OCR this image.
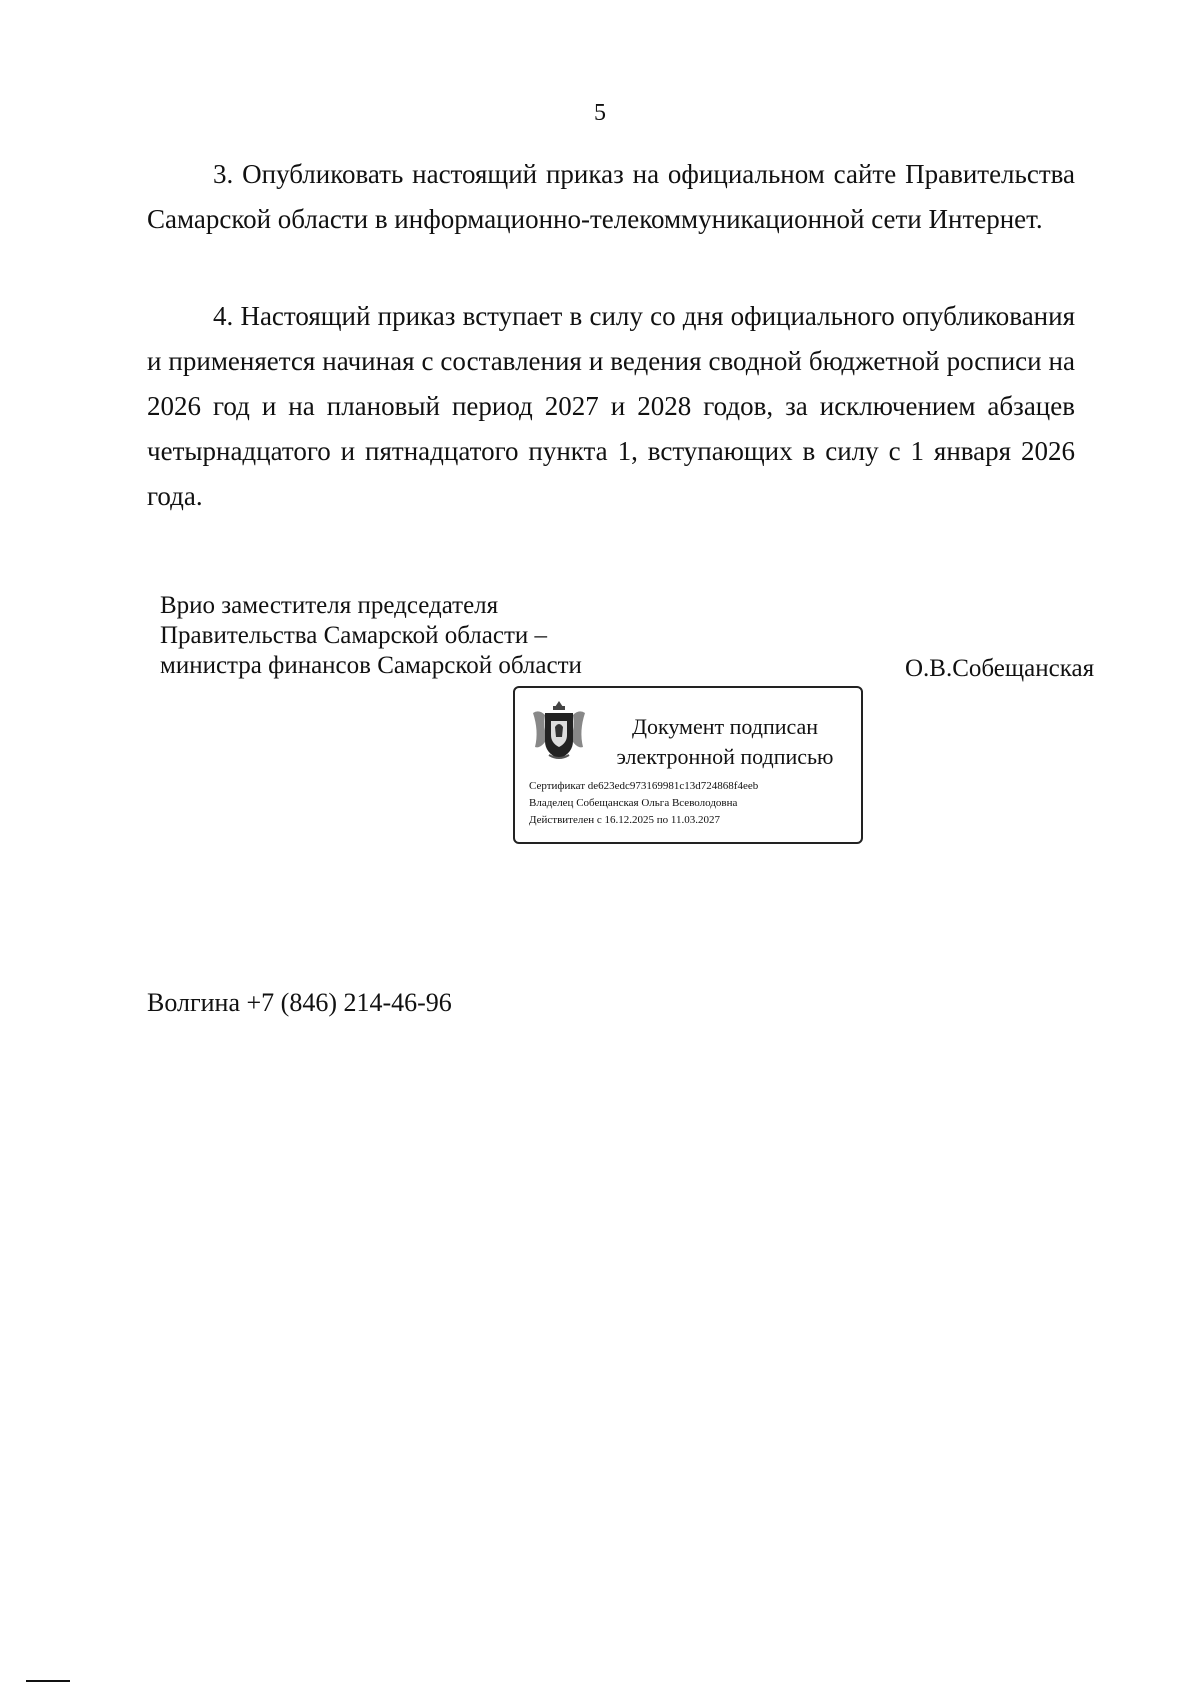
5

3. Опубликовать настоящий приказ на официальном сайте Правительства Самарской области в информационно-телекоммуникационной сети Интернет.

4. Настоящий приказ вступает в силу со дня официального опубликования и применяется начиная с составления и ведения сводной бюджетной росписи на 2026 год и на плановый период 2027 и 2028 годов, за исключением абзацев четырнадцатого и пятнадцатого пункта 1, вступающих в силу с 1 января 2026 года.

Врио заместителя председателя
Правительства Самарской области –
министра финансов Самарской области	О.В.Собещанская
Документ подписан
электронной подписью
Сертификат de623edc973169981c13d724868f4eeb
Владелец Собещанская Ольга Всеволодовна
Действителен с 16.12.2025 по 11.03.2027
Волгина +7 (846) 214-46-96
